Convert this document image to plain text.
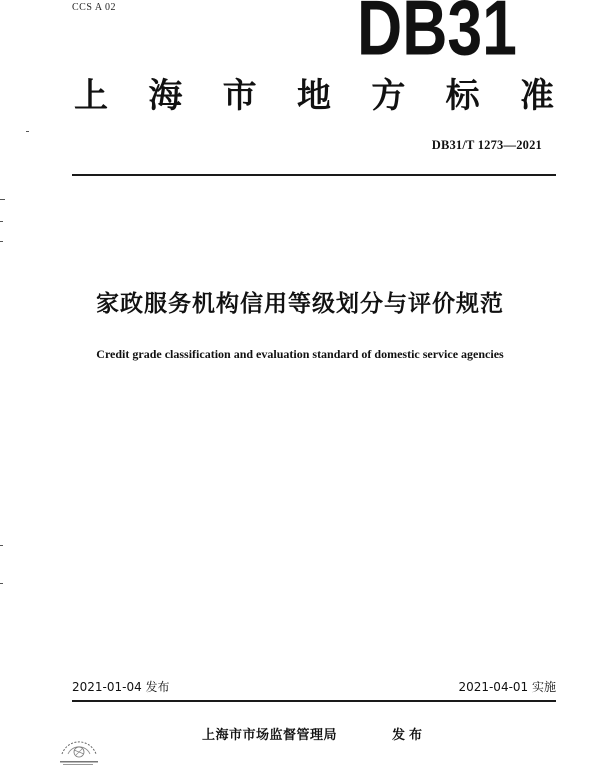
CCS A 02	DB31
上 海 市 地 方 标 准
DB31/T 1273—2021
家政服务机构信用等级划分与评价规范
Credit grade classification and evaluation standard of domestic service agencies
2021-01-04 发布	2021-04-01 实施
上海市市场监督管理局	发布
